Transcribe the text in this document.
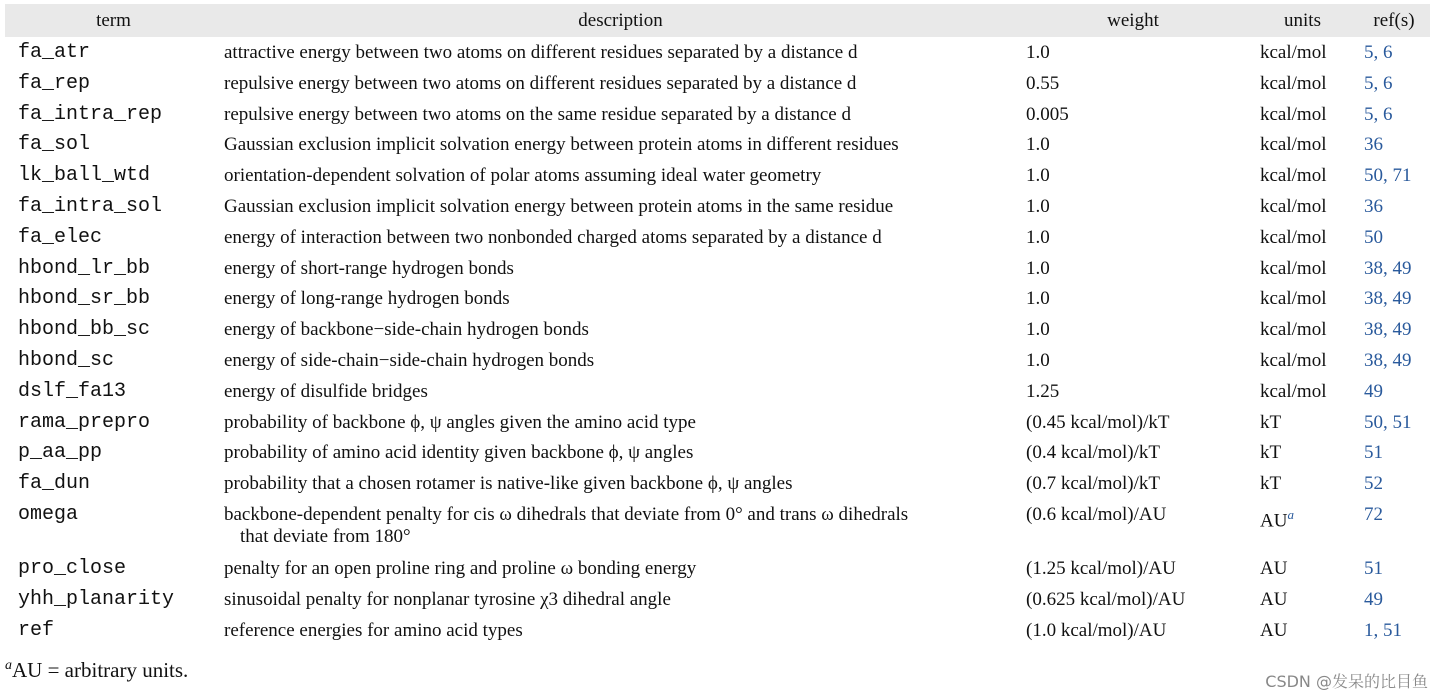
term	description	weight	units	ref(s)
fa_atr	attractive energy between two atoms on different residues separated by a distance d	1.0	kcal/mol	5, 6
fa_rep	repulsive energy between two atoms on different residues separated by a distance d	0.55	kcal/mol	5, 6
fa_intra_rep	repulsive energy between two atoms on the same residue separated by a distance d	0.005	kcal/mol	5, 6
fa_sol	Gaussian exclusion implicit solvation energy between protein atoms in different residues	1.0	kcal/mol	36
lk_ball_wtd	orientation-dependent solvation of polar atoms assuming ideal water geometry	1.0	kcal/mol	50, 71
fa_intra_sol	Gaussian exclusion implicit solvation energy between protein atoms in the same residue	1.0	kcal/mol	36
fa_elec	energy of interaction between two nonbonded charged atoms separated by a distance d	1.0	kcal/mol	50
hbond_lr_bb	energy of short-range hydrogen bonds	1.0	kcal/mol	38, 49
hbond_sr_bb	energy of long-range hydrogen bonds	1.0	kcal/mol	38, 49
hbond_bb_sc	energy of backbone−side-chain hydrogen bonds	1.0	kcal/mol	38, 49
hbond_sc	energy of side-chain−side-chain hydrogen bonds	1.0	kcal/mol	38, 49
dslf_fa13	energy of disulfide bridges	1.25	kcal/mol	49
rama_prepro	probability of backbone ϕ, ψ angles given the amino acid type	(0.45 kcal/mol)/kT	kT	50, 51
p_aa_pp	probability of amino acid identity given backbone ϕ, ψ angles	(0.4 kcal/mol)/kT	kT	51
fa_dun	probability that a chosen rotamer is native-like given backbone ϕ, ψ angles	(0.7 kcal/mol)/kT	kT	52
omega	backbone-dependent penalty for cis ω dihedrals that deviate from 0° and trans ω dihedrals
that deviate from 180°	(0.6 kcal/mol)/AU	AU$^a$	72
pro_close	penalty for an open proline ring and proline ω bonding energy	(1.25 kcal/mol)/AU	AU	51
yhh_planarity	sinusoidal penalty for nonplanar tyrosine χ3 dihedral angle	(0.625 kcal/mol)/AU	AU	49
ref	reference energies for amino acid types	(1.0 kcal/mol)/AU	AU	1, 51
$^a$AU = arbitrary units.	CSDN @发呆的比目鱼
